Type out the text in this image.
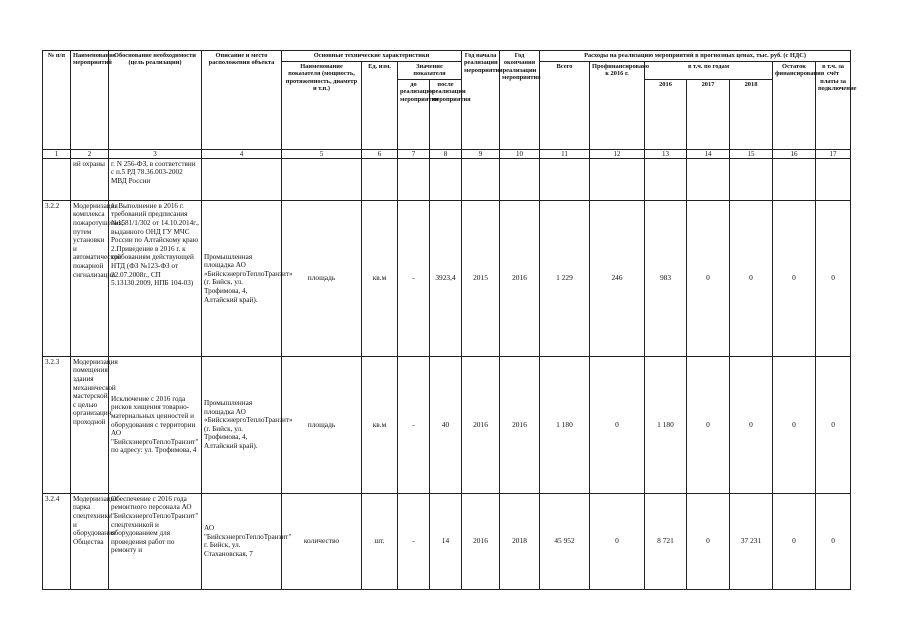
№ п/п	Наименование мероприятий	Обоснование необходимости (цель реализации)	Описание и место расположения объекта	Основные технические характеристики				Год начала реализации мероприятия	Год окончания реализации мероприятия	Расходы на реализацию мероприятий в прогнозных ценах, тыс. руб. (с НДС)						
				Наименование показателя (мощность, протяженность, диаметр и т.п.)	Ед. изм.	Значение показателя				Всего	Профинансировано к 2016 г.	в т.ч. по годам			Остаток финансирования	в т.ч. за счёт платы за подключение
						до реализации мероприятия	после реализации мероприятия					2016	2017	2018		

1	2	3	4	5	6	7	8	9	10	11	12	13	14	15	16	17
	ий охраны	г. N 256-ФЗ, в соответствии с п.5 РД 78.36.003-2002 МВД России														
3.2.2	Модернизация комплекса пожаротушения, путем установки и автоматической пожарной сигнализации	1. Выполнение в 2016 г. требований предписания №1581/1/302 от 14.10.2014г., выданного ОНД ГУ МЧС России по Алтайскому краю 2.Приведение в 2016 г. к требованиям действующей НТД (ФЗ №123-ФЗ от 22.07.2008г., СП 5.13130.2009, НПБ 104-03)	Промышленная площадка АО «БийскэнергоТеплоТранзит» (г. Бийск, ул. Трофимова, 4, Алтайский край).	площадь	кв.м	-	3923,4	2015	2016	1 229	246	983	0	0	0	0
3.2.3	Модернизация помещения здания механической мастерской, с целью организации проходной	Исключение с 2016 года рисков хищения товарно-материальных ценностей и оборудования с территории АО "БийскэнергоТеплоТранзит" по адресу: ул. Трофимова, 4	Промышленная площадка АО «БийскэнергоТеплоТранзит» (г. Бийск, ул. Трофимова, 4, Алтайский край).	площадь	кв.м	-	40	2016	2016	1 180	0	1 180	0	0	0	0
3.2.4	Модернизация парка спецтехники и оборудования Общества	Обеспечение с 2016 года ремонтного персонала АО "БийскэнергоТеплоТранзит" спецтехникой и оборудованием для проведения работ по ремонту и	АО "БийскэнергоТеплоТранзит" г. Бийск, ул. Стахановская, 7	количество	шт.	-	14	2016	2018	45 952	0	8 721	0	37 231	0	0
